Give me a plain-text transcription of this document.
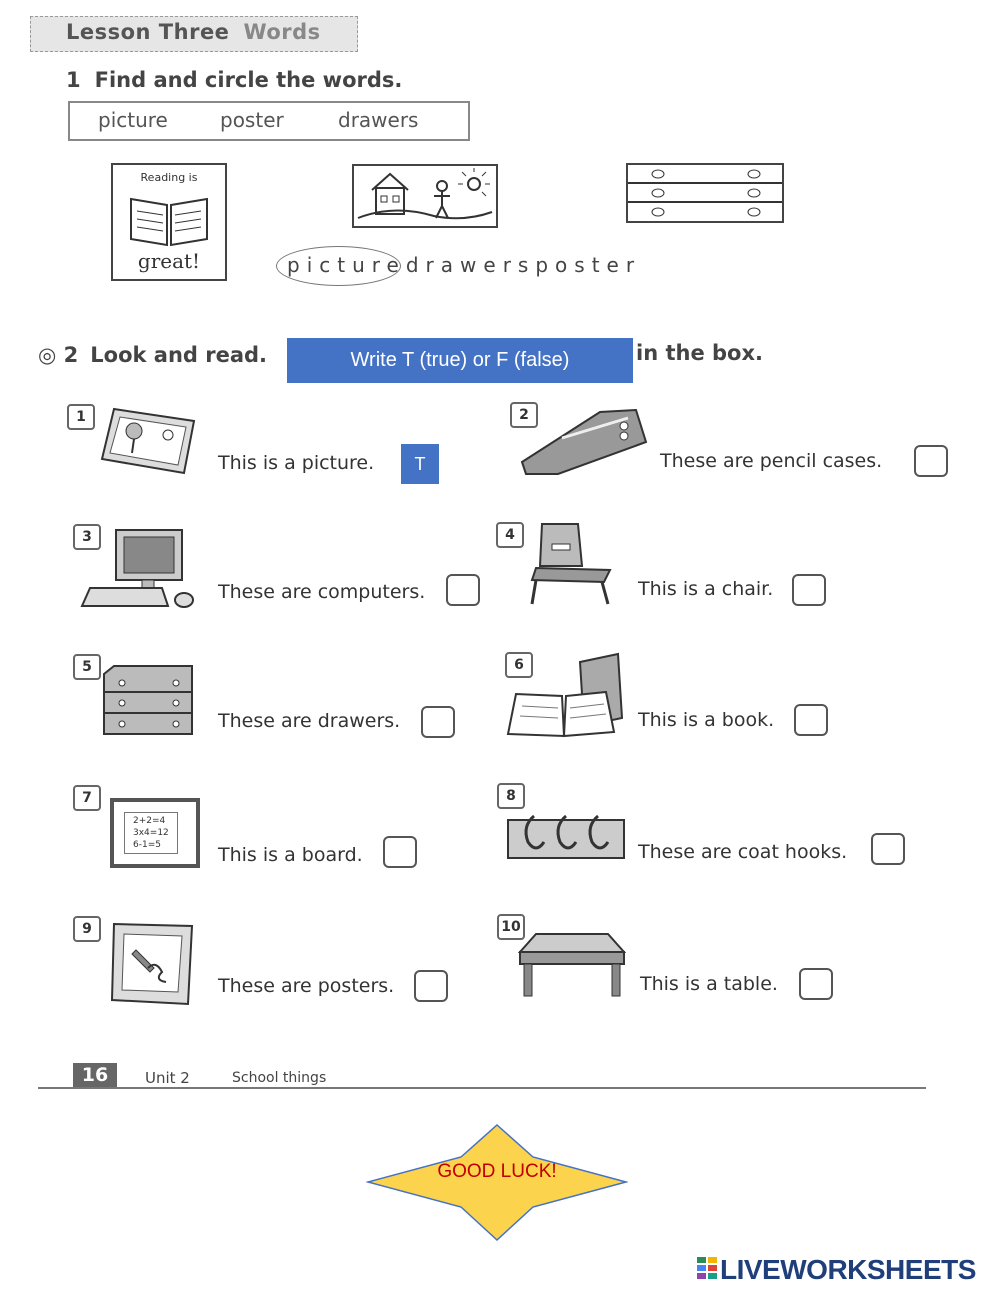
Lesson Three Words
1 Find and circle the words.
picture	poster	drawers
Reading is
great!	picturedrawersposter
◎ 2 Look and read.	in the box.
Write T (true) or F (false)
1
This is a picture.	T
2
These are pencil cases.
3
These are computers.
4
This is a chair.
5
These are drawers.
6
This is a book.
7
2+2=4
3x4=12
6-1=5	This is a board.
8
These are coat hooks.
9
These are posters.
10
This is a table.
16	Unit 2	School things
GOOD LUCK!
LIVEWORKSHEETS
